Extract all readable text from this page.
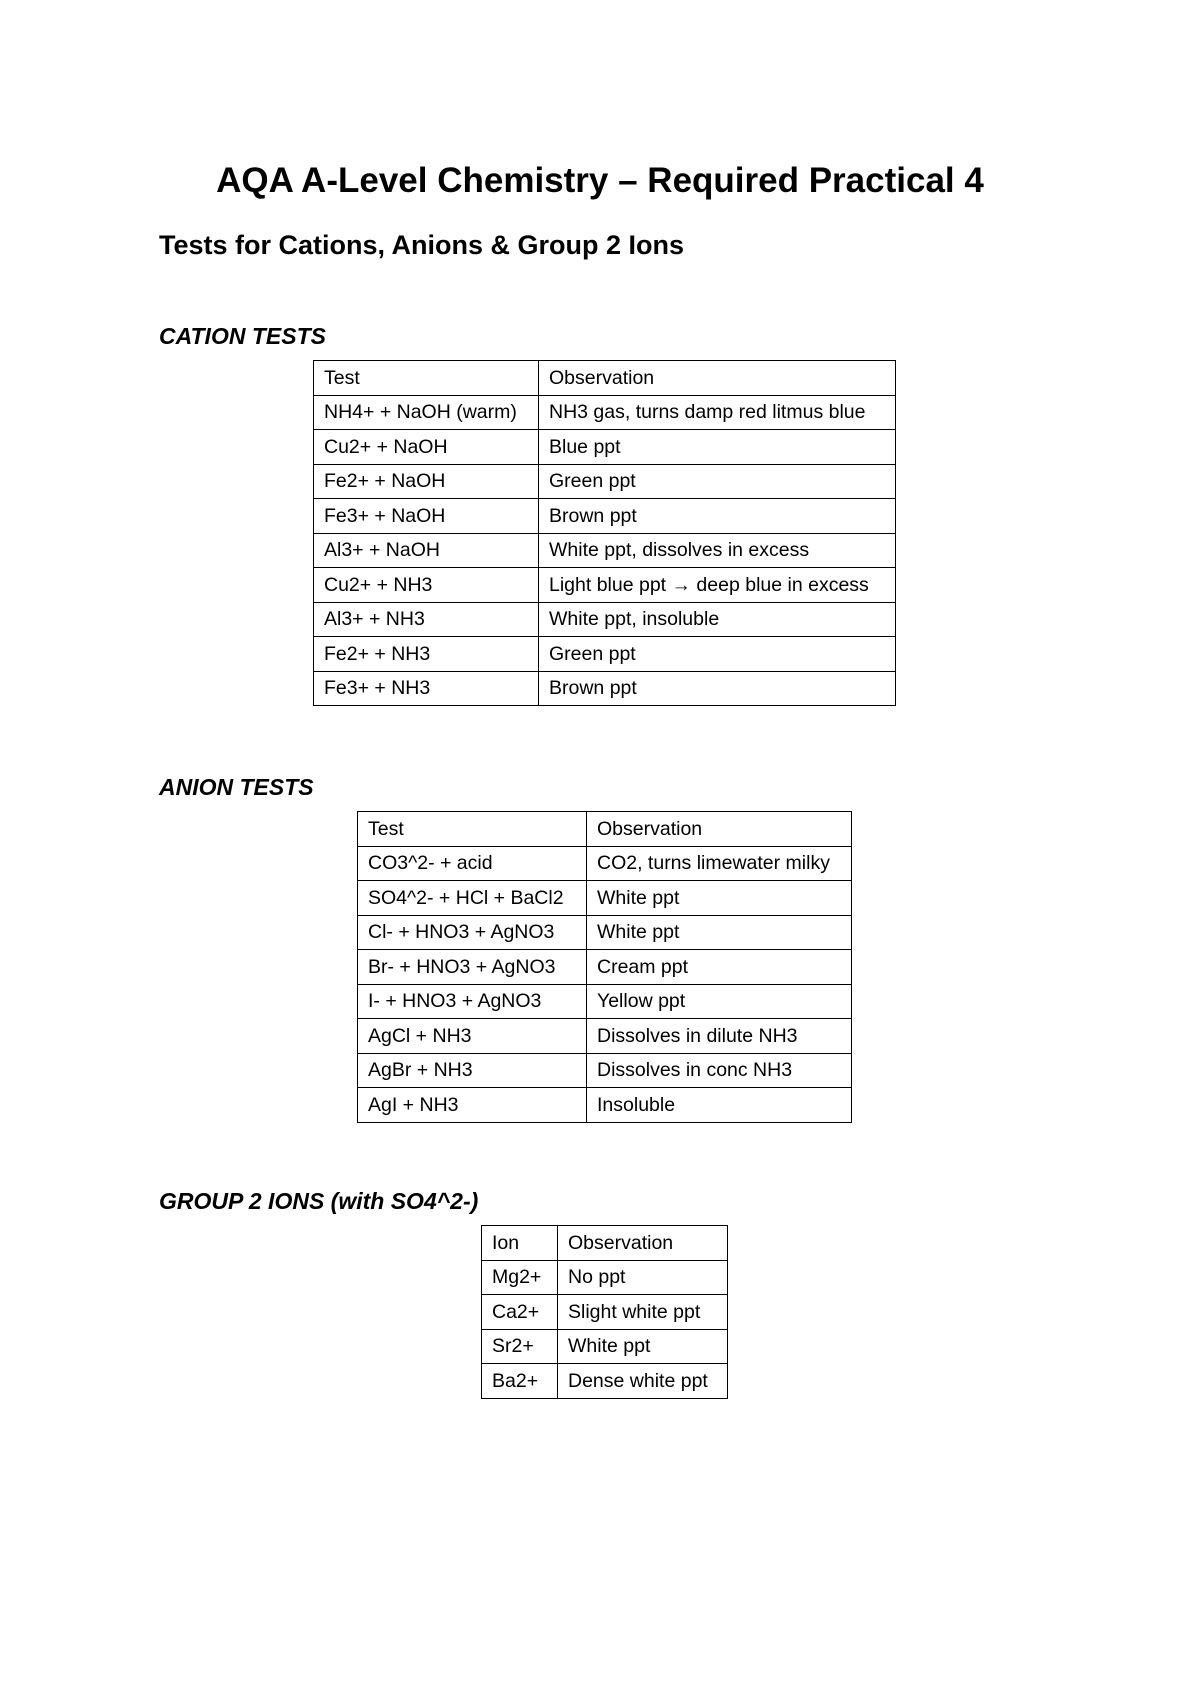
AQA A-Level Chemistry – Required Practical 4
Tests for Cations, Anions & Group 2 Ions
CATION TESTS
Test	Observation
NH4+ + NaOH (warm)	NH3 gas, turns damp red litmus blue
Cu2+ + NaOH	Blue ppt
Fe2+ + NaOH	Green ppt
Fe3+ + NaOH	Brown ppt
Al3+ + NaOH	White ppt, dissolves in excess
Cu2+ + NH3	Light blue ppt → deep blue in excess
Al3+ + NH3	White ppt, insoluble
Fe2+ + NH3	Green ppt
Fe3+ + NH3	Brown ppt
ANION TESTS
Test	Observation
CO3^2- + acid	CO2, turns limewater milky
SO4^2- + HCl + BaCl2	White ppt
Cl- + HNO3 + AgNO3	White ppt
Br- + HNO3 + AgNO3	Cream ppt
I- + HNO3 + AgNO3	Yellow ppt
AgCl + NH3	Dissolves in dilute NH3
AgBr + NH3	Dissolves in conc NH3
AgI + NH3	Insoluble
GROUP 2 IONS (with SO4^2-)
Ion	Observation
Mg2+	No ppt
Ca2+	Slight white ppt
Sr2+	White ppt
Ba2+	Dense white ppt
